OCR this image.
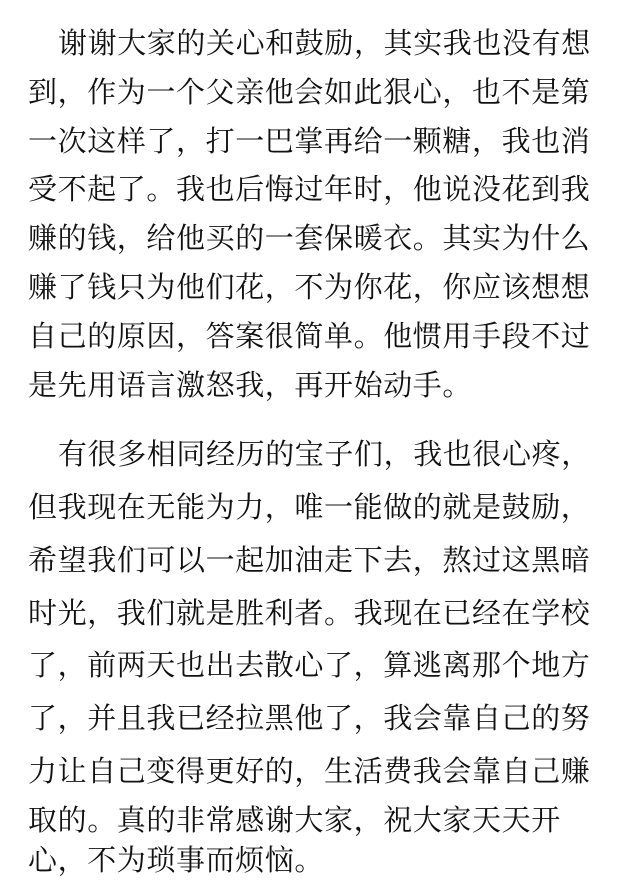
谢谢大家的关心和鼓励，其实我也没有想
到，作为一个父亲他会如此狠心，也不是第
一次这样了，打一巴掌再给一颗糖，我也消
受不起了。我也后悔过年时，他说没花到我
赚的钱，给他买的一套保暖衣。其实为什么
赚了钱只为他们花，不为你花，你应该想想
自己的原因，答案很简单。他惯用手段不过
是先用语言激怒我，再开始动手。
有很多相同经历的宝子们，我也很心疼，
但我现在无能为力，唯一能做的就是鼓励，
希望我们可以一起加油走下去，熬过这黑暗
时光，我们就是胜利者。我现在已经在学校
了，前两天也出去散心了，算逃离那个地方
了，并且我已经拉黑他了，我会靠自己的努
力让自己变得更好的，生活费我会靠自己赚
取的。真的非常感谢大家，祝大家天天开
心，不为琐事而烦恼。
